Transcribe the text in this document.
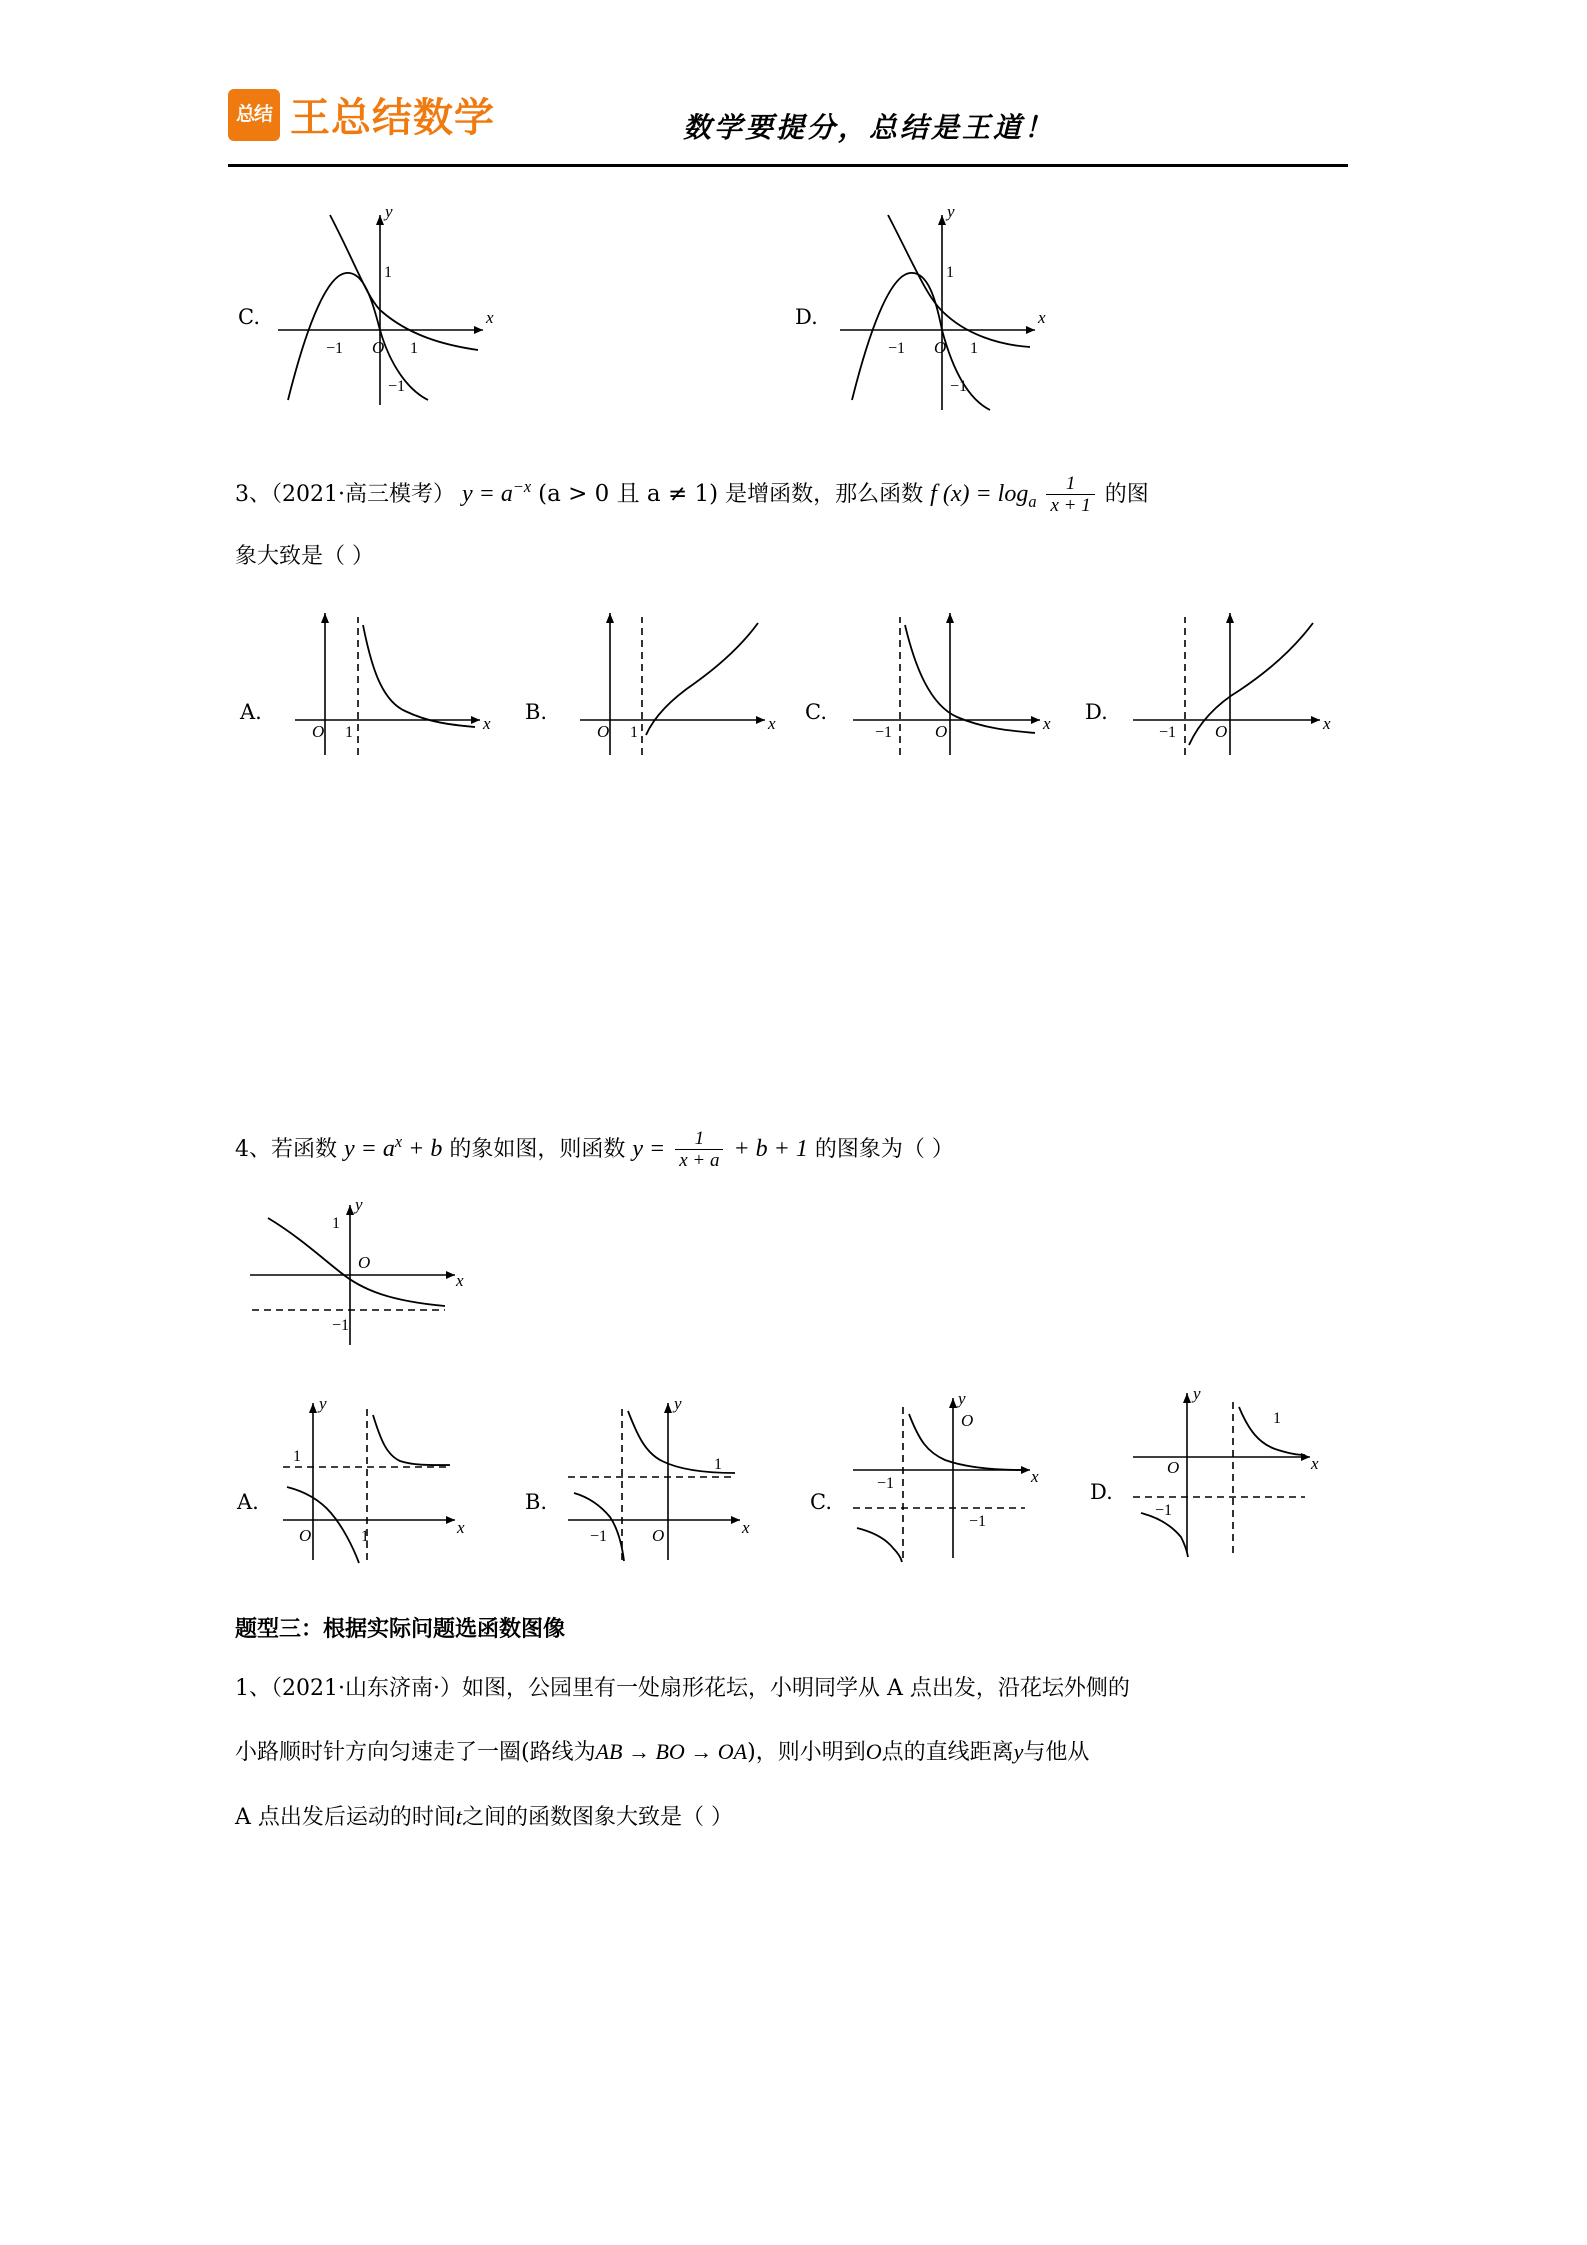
总结 王总结数学	数学要提分，总结是王道！
C.	x
y
O
1
−1	1
−1
D.	x
y
O
1
−1	1
−1
3、（2021·高三模考） $y = a^{-x}$ (a > 0 且 a ≠ 1) 是增函数，那么函数 f $(x) = \log_a \frac{1}{x + 1}$ 的图
象大致是（ ）
A.	x
O 1
B.	x
O 1
C.	x
O
−1
D.	x
O
−1
4、若函数 $y = a^x + b$ 的象如图，则函数 $y = \frac{1}{x + a} + b + 1$ 的图象为（ ）
x
y
O
1
−1
A.
x
y
O
1
1
B.
x
y
O
1
−1
C.
x
y
O
−1
−1
D.
x
y
O
1
−1
题型三：根据实际问题选函数图像
1、（2021·山东济南·）如图，公园里有一处扇形花坛，小明同学从 A 点出发，沿花坛外侧的
小路顺时针方向匀速走了一圈(路线为AB → BO → OA)，则小明到O点的直线距离y与他从
A 点出发后运动的时间t之间的函数图象大致是（ ）
